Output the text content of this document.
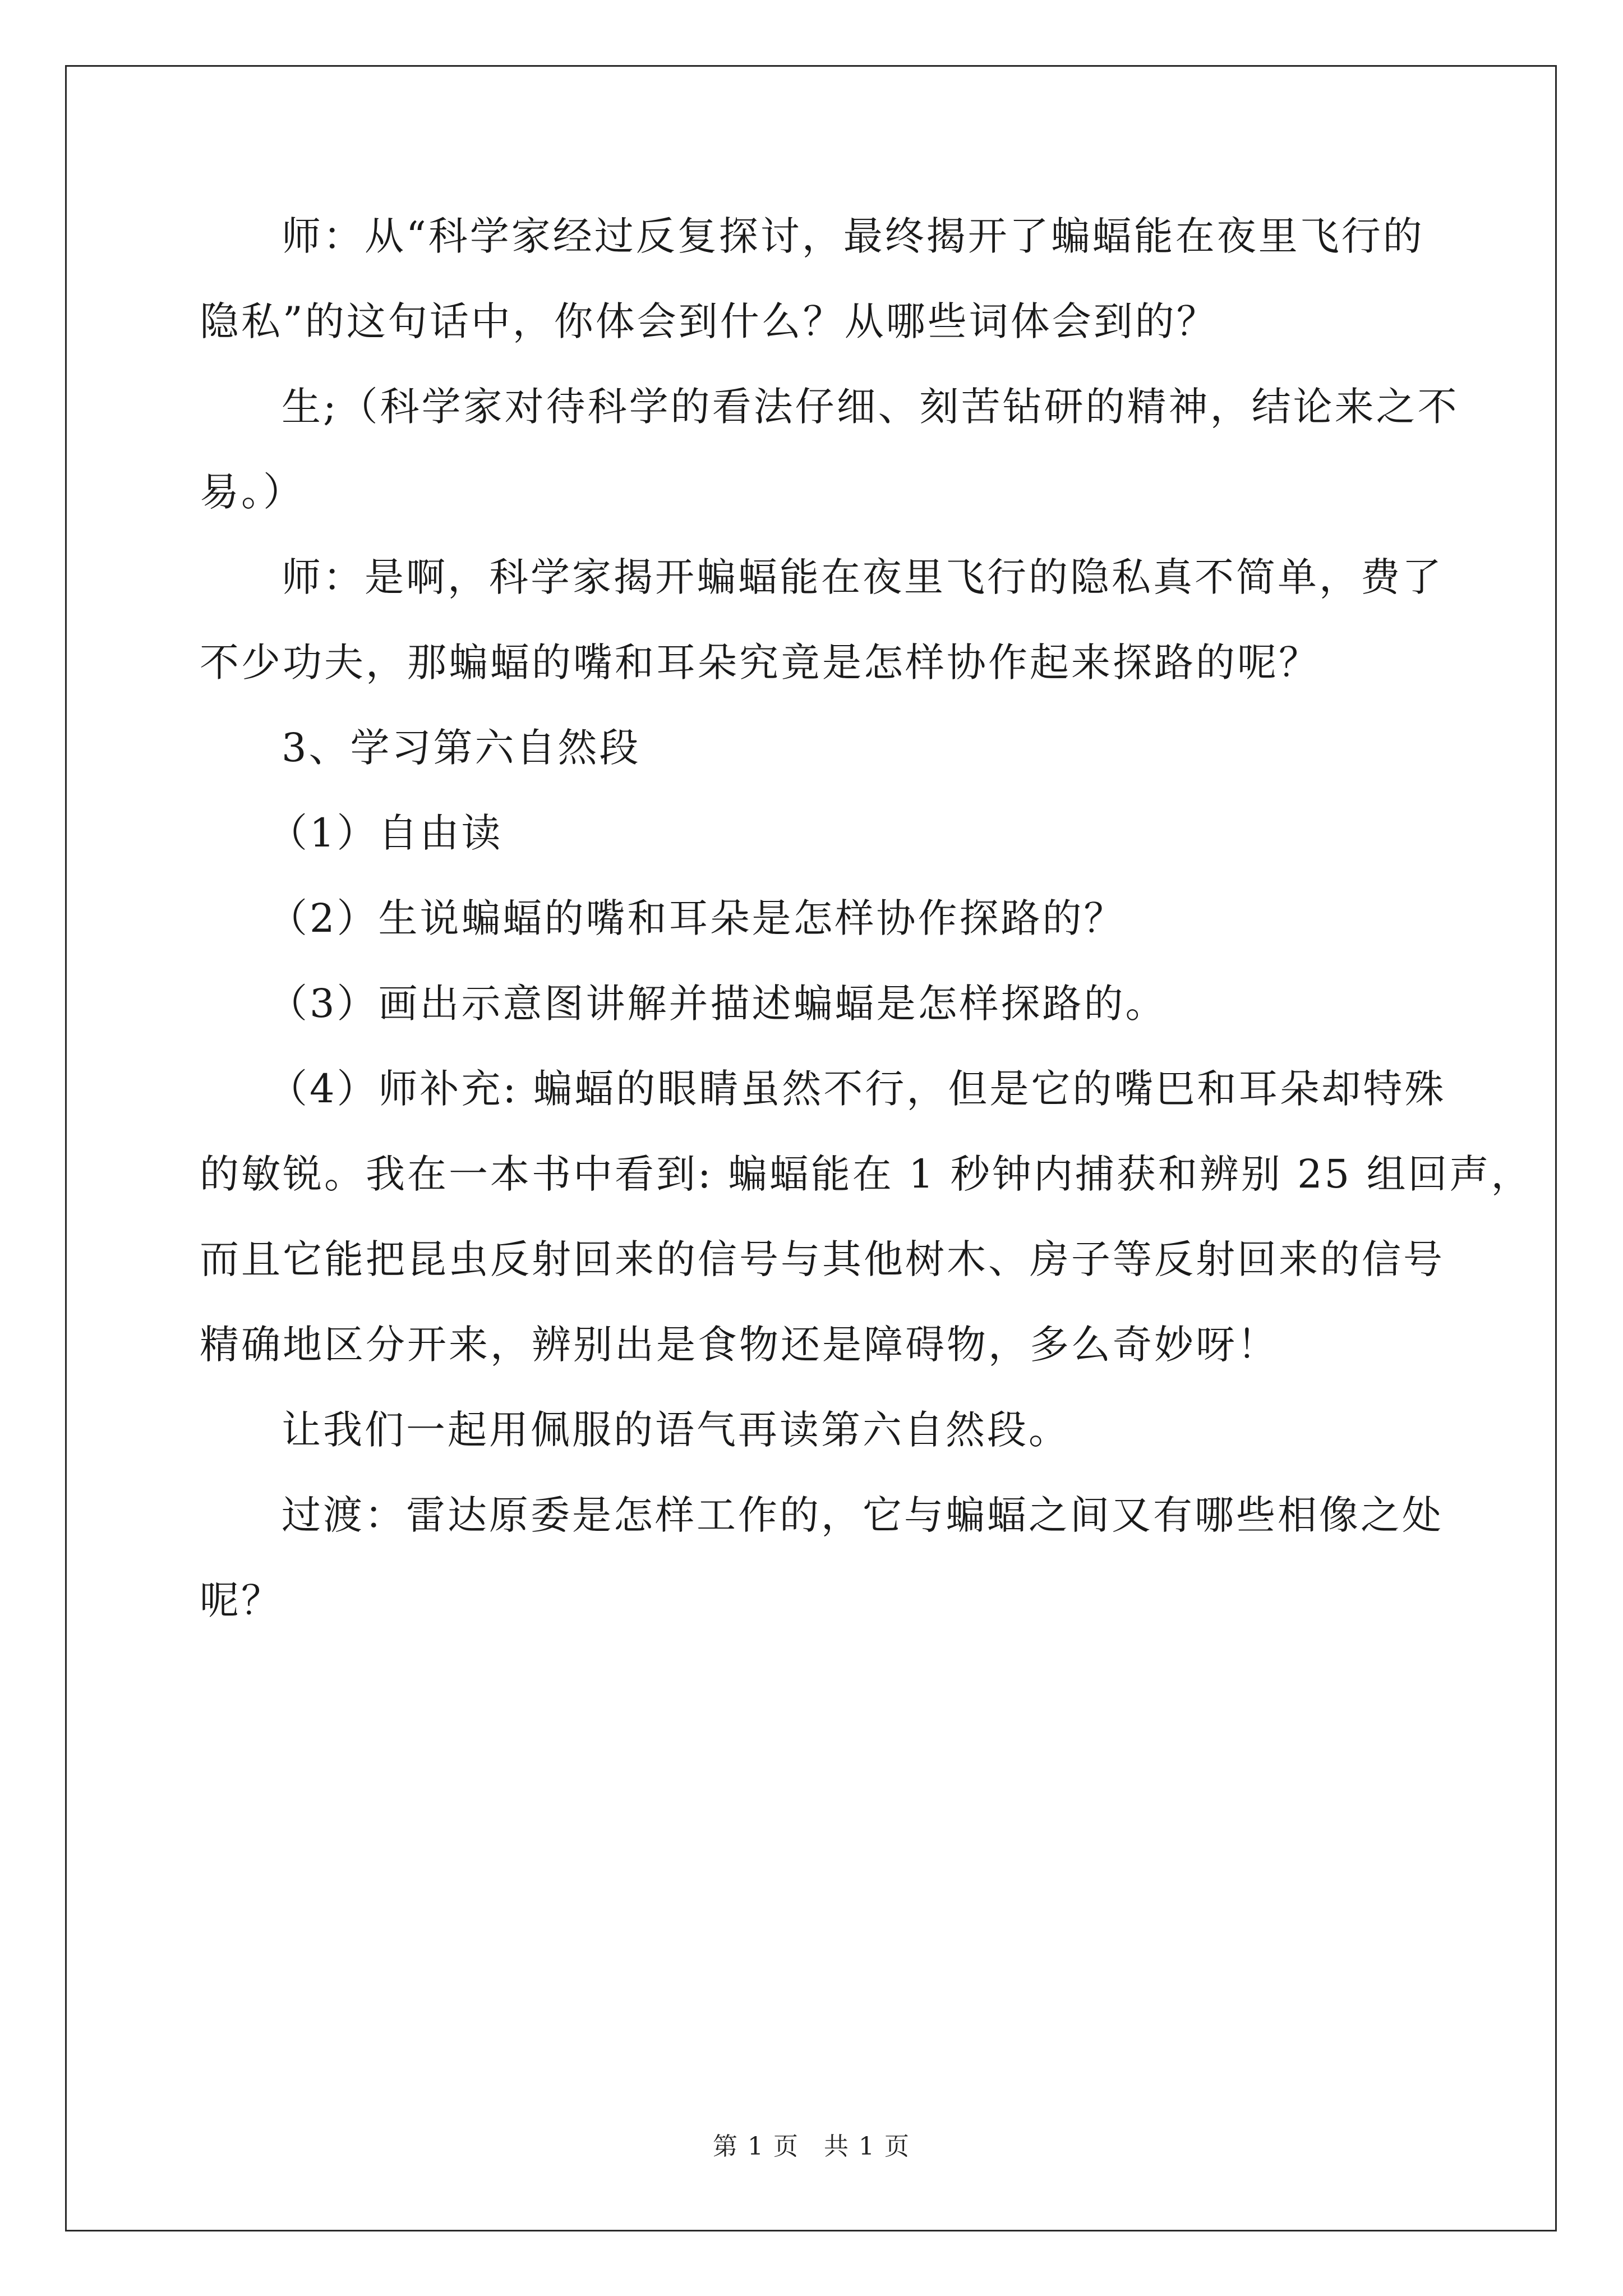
师：从“科学家经过反复探讨，最终揭开了蝙蝠能在夜里飞行的
隐私”的这句话中，你体会到什么？从哪些词体会到的？
生;（科学家对待科学的看法仔细、刻苦钻研的精神，结论来之不
易。）
师：是啊，科学家揭开蝙蝠能在夜里飞行的隐私真不简单，费了
不少功夫，那蝙蝠的嘴和耳朵究竟是怎样协作起来探路的呢？
3、学习第六自然段
（1）自由读
（2）生说蝙蝠的嘴和耳朵是怎样协作探路的？
（3）画出示意图讲解并描述蝙蝠是怎样探路的。
（4）师补充: 蝙蝠的眼睛虽然不行，但是它的嘴巴和耳朵却特殊
的敏锐。我在一本书中看到: 蝙蝠能在 1 秒钟内捕获和辨别 25 组回声，
而且它能把昆虫反射回来的信号与其他树木、房子等反射回来的信号
精确地区分开来，辨别出是食物还是障碍物，多么奇妙呀！
让我们一起用佩服的语气再读第六自然段。
过渡：雷达原委是怎样工作的，它与蝙蝠之间又有哪些相像之处
呢？
第 1 页 共 1 页
